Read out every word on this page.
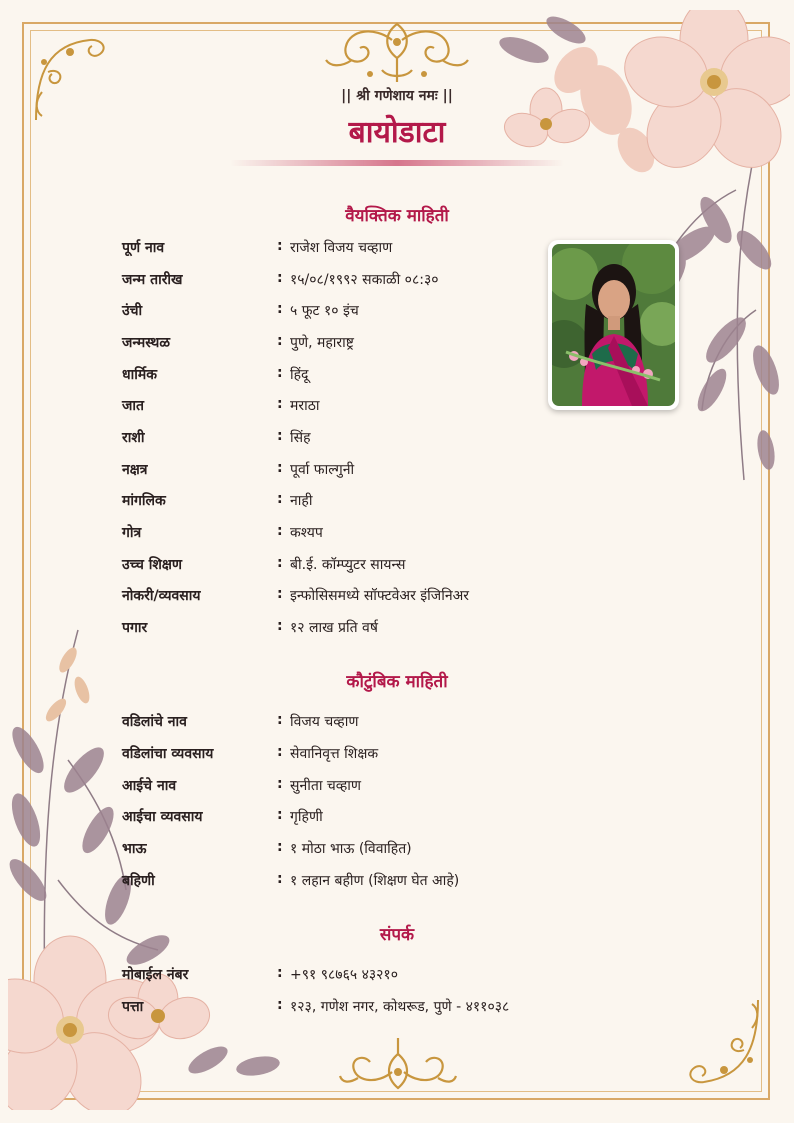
|| श्री गणेशाय नमः ||
बायोडाटा
वैयक्तिक माहिती
पूर्ण नाव	: राजेश विजय चव्हाण
जन्म तारीख	: १५/०८/१९९२ सकाळी ०८:३०
उंची	: ५ फूट १० इंच
जन्मस्थळ	: पुणे, महाराष्ट्र
धार्मिक	: हिंदू
जात	: मराठा
राशी	: सिंह
नक्षत्र	: पूर्वा फाल्गुनी
मांगलिक	: नाही
गोत्र	: कश्यप
उच्च शिक्षण	: बी.ई. कॉम्प्युटर सायन्स
नोकरी/व्यवसाय	: इन्फोसिसमध्ये सॉफ्टवेअर इंजिनिअर
पगार	: १२ लाख प्रति वर्ष
कौटुंबिक माहिती
वडिलांचे नाव	: विजय चव्हाण
वडिलांचा व्यवसाय	: सेवानिवृत्त शिक्षक
आईचे नाव	: सुनीता चव्हाण
आईचा व्यवसाय	: गृहिणी
भाऊ	: १ मोठा भाऊ (विवाहित)
बहिणी	: १ लहान बहीण (शिक्षण घेत आहे)
संपर्क
मोबाईल नंबर	: +९१ ९८७६५ ४३२१०
पत्ता	: १२३, गणेश नगर, कोथरूड, पुणे - ४११०३८
